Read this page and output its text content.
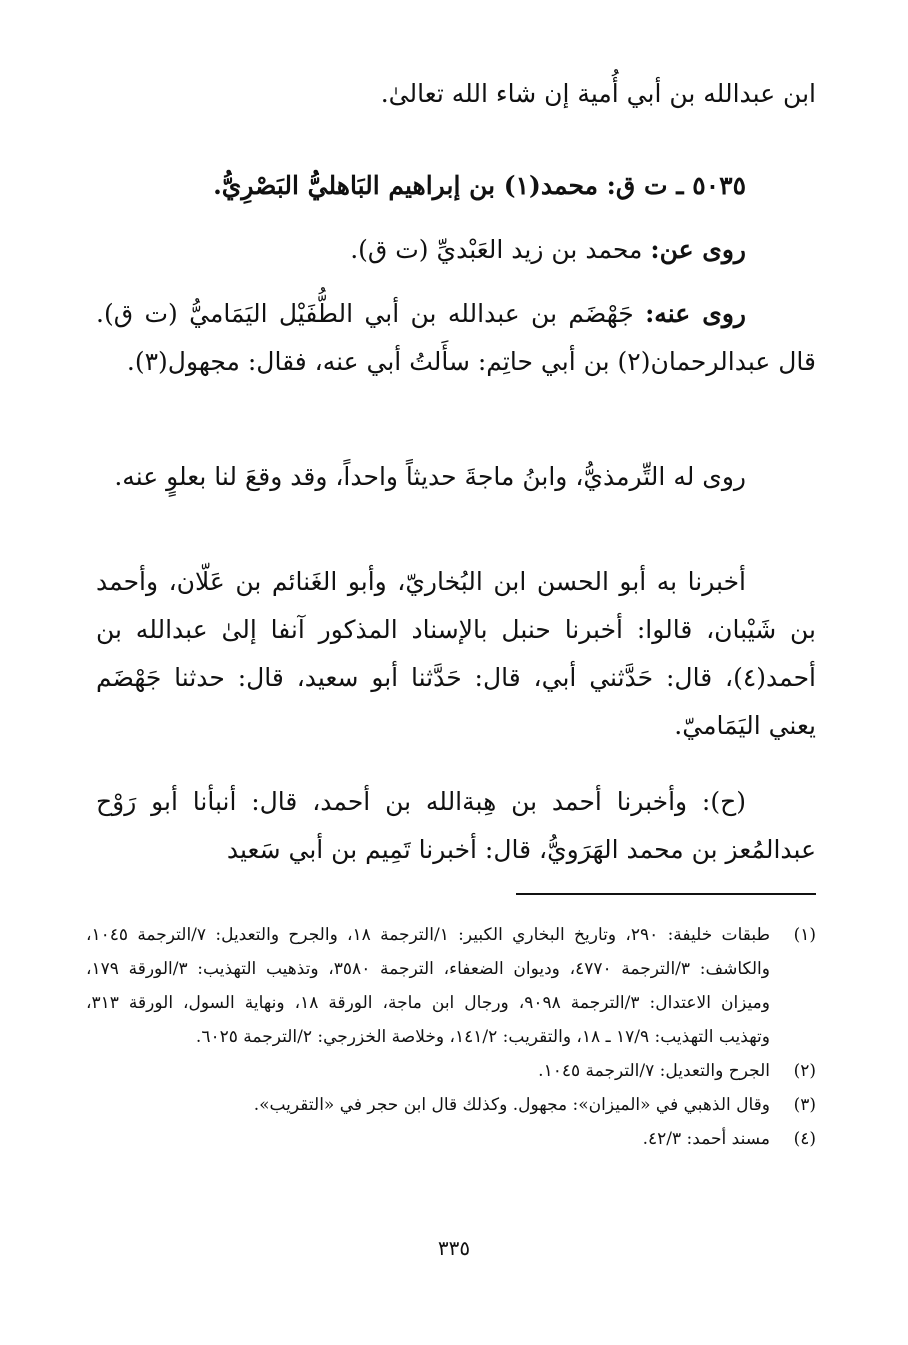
ابن عبدالله بن أبي أُمية إن شاء الله تعالىٰ.
٥٠٣٥ ـ ت ق: محمد(١) بن إبراهيم البَاهليُّ البَصْرِيُّ.
روى عن: محمد بن زيد العَبْديِّ (ت ق).
روى عنه: جَهْضَم بن عبدالله بن أبي الطُّفَيْل اليَمَاميُّ (ت ق). قال عبدالرحمان(٢) بن أبي حاتِم: سأَلتُ أبي عنه، فقال: مجهول(٣).
روى له التِّرمذيُّ، وابنُ ماجةَ حديثاً واحداً، وقد وقعَ لنا بعلوٍ عنه.
أخبرنا به أبو الحسن ابن البُخاريّ، وأبو الغَنائم بن عَلّان، وأحمد بن شَيْبان، قالوا: أخبرنا حنبل بالإسناد المذكور آنفا إلىٰ عبدالله بن أحمد(٤)، قال: حَدَّثني أبي، قال: حَدَّثنا أبو سعيد، قال: حدثنا جَهْضَم يعني اليَمَاميّ.
(ح): وأخبرنا أحمد بن هِبةالله بن أحمد، قال: أنبأنا أبو رَوْح عبدالمُعز بن محمد الهَرَويُّ، قال: أخبرنا تَمِيم بن أبي سَعيد
(١)
طبقات خليفة: ٢٩٠، وتاريخ البخاري الكبير: ١/الترجمة ١٨، والجرح والتعديل: ٧/الترجمة ١٠٤٥، والكاشف: ٣/الترجمة ٤٧٧٠، وديوان الضعفاء، الترجمة ٣٥٨٠، وتذهيب التهذيب: ٣/الورقة ١٧٩، وميزان الاعتدال: ٣/الترجمة ٩٠٩٨، ورجال ابن ماجة، الورقة ١٨، ونهاية السول، الورقة ٣١٣، وتهذيب التهذيب: ١٧/٩ ـ ١٨، والتقريب: ١٤١/٢، وخلاصة الخزرجي: ٢/الترجمة ٦٠٢٥.
(٢)
الجرح والتعديل: ٧/الترجمة ١٠٤٥.
(٣)
وقال الذهبي في «الميزان»: مجهول. وكذلك قال ابن حجر في «التقريب».
(٤)
مسند أحمد: ٤٢/٣.
٣٣٥
